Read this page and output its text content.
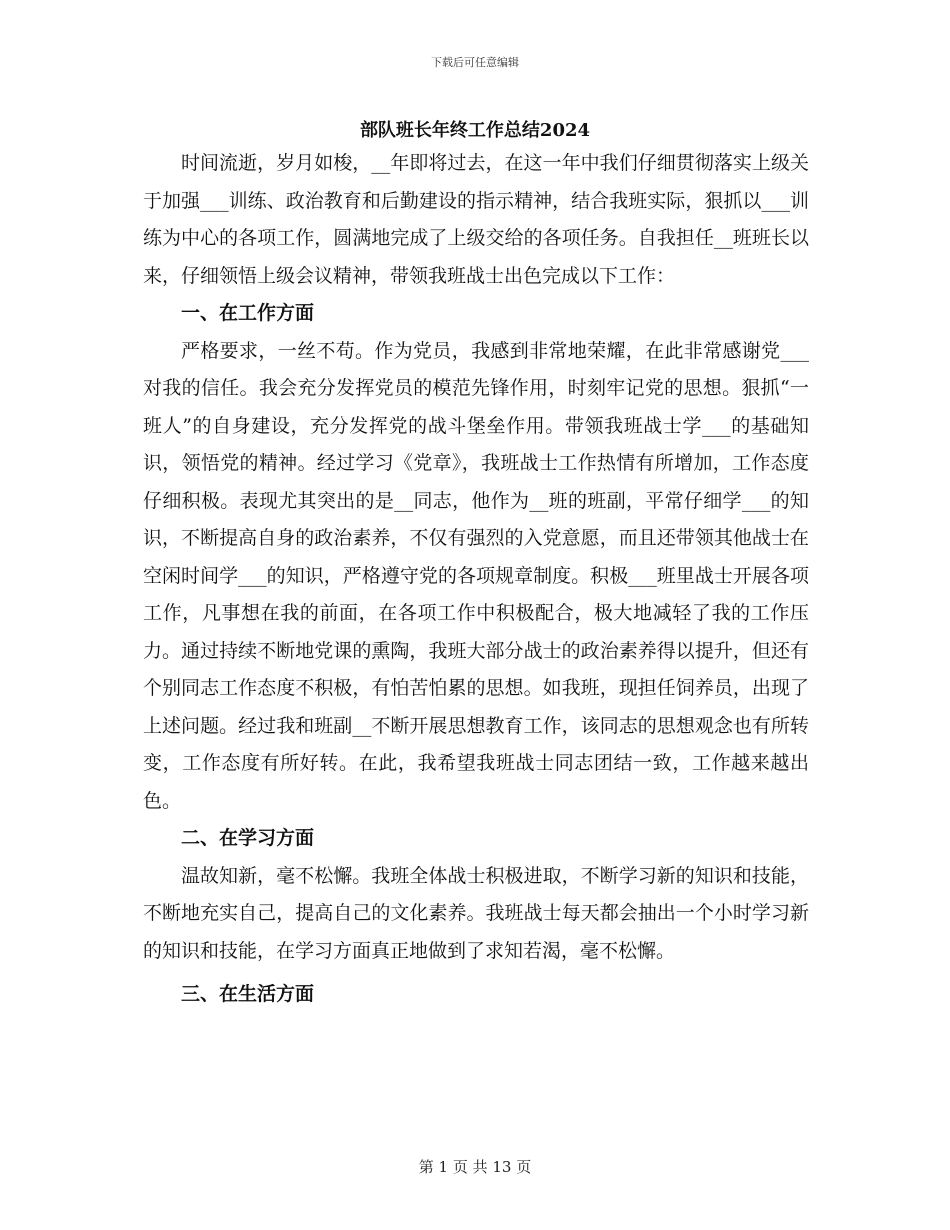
下载后可任意编辑
部队班长年终工作总结2024

时间流逝，岁月如梭，__年即将过去，在这一年中我们仔细贯彻落实上级关于加强___训练、政治教育和后勤建设的指示精神，结合我班实际，狠抓以___训练为中心的各项工作，圆满地完成了上级交给的各项任务。自我担任__班班长以来，仔细领悟上级会议精神，带领我班战士出色完成以下工作：

一、在工作方面

严格要求，一丝不苟。作为党员，我感到非常地荣耀，在此非常感谢党___对我的信任。我会充分发挥党员的模范先锋作用，时刻牢记党的思想。狠抓“一班人”的自身建设，充分发挥党的战斗堡垒作用。带领我班战士学___的基础知识，领悟党的精神。经过学习《党章》，我班战士工作热情有所增加，工作态度仔细积极。表现尤其突出的是__同志，他作为__班的班副，平常仔细学___的知识，不断提高自身的政治素养，不仅有强烈的入党意愿，而且还带领其他战士在空闲时间学___的知识，严格遵守党的各项规章制度。积极___班里战士开展各项工作，凡事想在我的前面，在各项工作中积极配合，极大地减轻了我的工作压力。通过持续不断地党课的熏陶，我班大部分战士的政治素养得以提升，但还有个别同志工作态度不积极，有怕苦怕累的思想。如我班，现担任饲养员，出现了上述问题。经过我和班副__不断开展思想教育工作，该同志的思想观念也有所转变，工作态度有所好转。在此，我希望我班战士同志团结一致，工作越来越出色。

二、在学习方面

温故知新，毫不松懈。我班全体战士积极进取，不断学习新的知识和技能，不断地充实自己，提高自己的文化素养。我班战士每天都会抽出一个小时学习新的知识和技能，在学习方面真正地做到了求知若渴，毫不松懈。

三、在生活方面
第 1 页 共 13 页
